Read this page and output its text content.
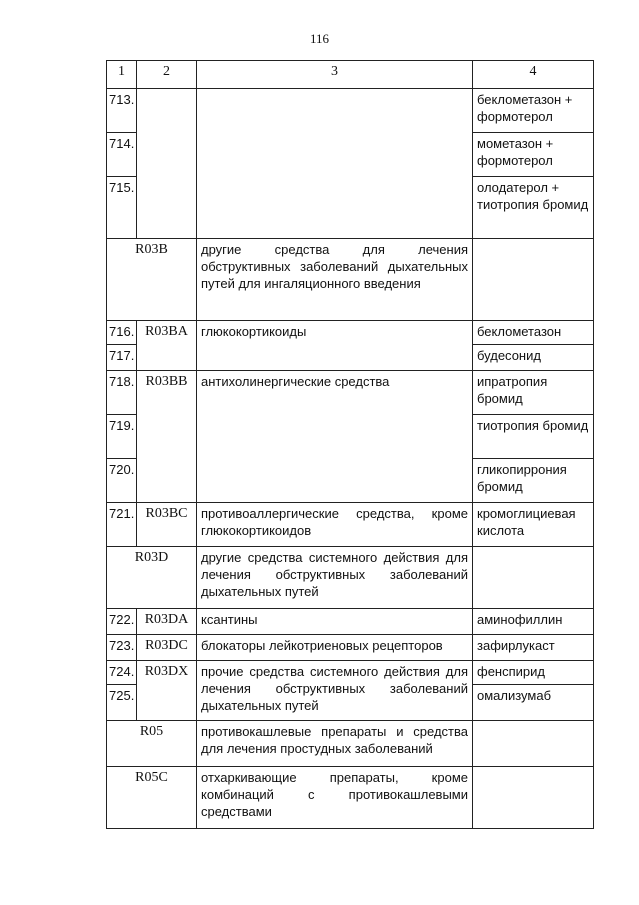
116
1	2	3	4
713.			беклометазон + формотерол
714.			мометазон + формотерол
715.			олодатерол + тиотропия бромид
R03B		другие средства для лечения обструктивных заболеваний дыхательных путей для ингаляционного введения	

716.	R03BA	глюкокортикоиды	беклометазон
717.			будесонид
718.	R03BB	антихолинергические средства	ипратропия бромид
719.			тиотропия бромид
720.			гликопиррония бромид
721.	R03BC	противоаллергические средства, кроме глюкокортикоидов	кромоглициевая кислота
R03D		другие средства системного действия для лечения обструктивных заболеваний дыхательных путей	

722.	R03DA	ксантины	аминофиллин
723.	R03DC	блокаторы лейкотриеновых рецепторов	зафирлукаст
724.	R03DX	прочие средства системного действия для лечения обструктивных заболеваний дыхательных путей	фенспирид
725.			омализумаб
R05		противокашлевые препараты и средства для лечения простудных заболеваний	

R05C		отхаркивающие препараты, кроме комбинаций с противокашлевыми средствами	
